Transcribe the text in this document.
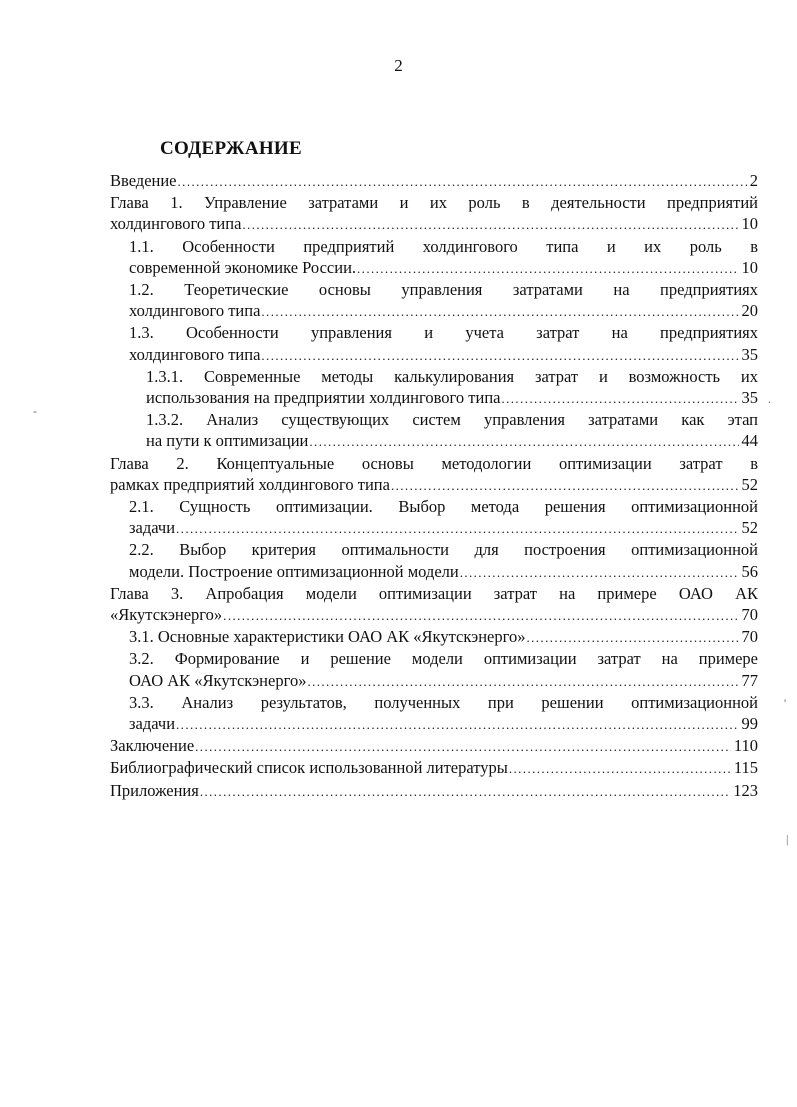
2
СОДЕРЖАНИЕ
Введение .....	2
Глава 1. Управление затратами и их роль в деятельности предприятий
холдингового типа .....	10
1.1. Особенности предприятий холдингового типа и их роль в
современной экономике России. .....	10
1.2. Теоретические основы управления затратами на предприятиях
холдингового типа .....	20
1.3. Особенности управления и учета затрат на предприятиях
холдингового типа .....	35
1.3.1. Современные методы калькулирования затрат и возможность их
использования на предприятии холдингового типа .....	35
1.3.2. Анализ существующих систем управления затратами как этап
на пути к оптимизации .....	44
Глава 2. Концептуальные основы методологии оптимизации затрат в
рамках предприятий холдингового типа .....	52
2.1. Сущность оптимизации. Выбор метода решения оптимизационной
задачи .....	52
2.2. Выбор критерия оптимальности для построения оптимизационной
модели. Построение оптимизационной модели .....	56
Глава 3. Апробация модели оптимизации затрат на примере ОАО АК
«Якутскэнерго» .....	70
3.1. Основные характеристики ОАО АК «Якутскэнерго» .....	70
3.2. Формирование и решение модели оптимизации затрат на примере
ОАО АК «Якутскэнерго» .....	77
3.3. Анализ результатов, полученных при решении оптимизационной
задачи .....	99
Заключение .....	110
Библиографический список использованной литературы .....	115
Приложения .....	123
-
.
'
|
